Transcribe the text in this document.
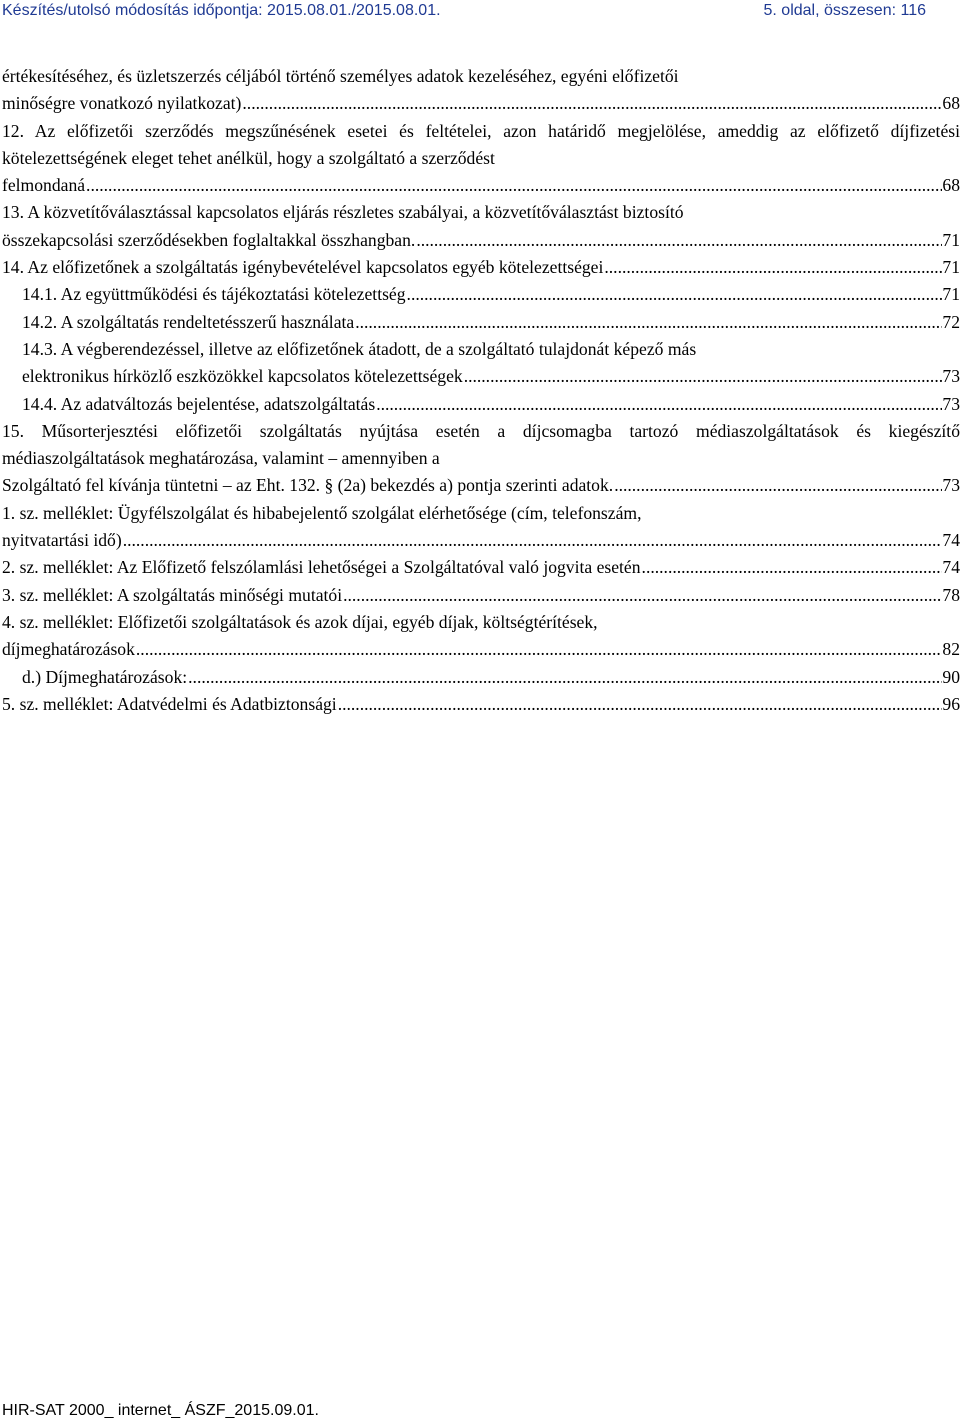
Készítés/utolsó módosítás időpontja: 2015.08.01./2015.08.01.	5. oldal, összesen: 116
értékesítéséhez, és üzletszerzés céljából történő személyes adatok kezeléséhez, egyéni előfizetői
minőségre vonatkozó nyilatkozat) .....	68
12. Az előfizetői szerződés megszűnésének esetei és feltételei, azon határidő megjelölése, ameddig az előfizető díjfizetési kötelezettségének eleget tehet anélkül, hogy a szolgáltató a szerződést
felmondaná .....	68
13. A közvetítőválasztással kapcsolatos eljárás részletes szabályai, a közvetítőválasztást biztosító
összekapcsolási szerződésekben foglaltakkal összhangban. .....	71
14. Az előfizetőnek a szolgáltatás igénybevételével kapcsolatos egyéb kötelezettségei .....	71
14.1. Az együttműködési és tájékoztatási kötelezettség .....	71
14.2. A szolgáltatás rendeltetésszerű használata .....	72
14.3. A végberendezéssel, illetve az előfizetőnek átadott, de a szolgáltató tulajdonát képező más
elektronikus hírközlő eszközökkel kapcsolatos kötelezettségek .....	73
14.4. Az adatváltozás bejelentése, adatszolgáltatás .....	73
15. Műsorterjesztési előfizetői szolgáltatás nyújtása esetén a díjcsomagba tartozó médiaszolgáltatások és kiegészítő médiaszolgáltatások meghatározása, valamint – amennyiben a
Szolgáltató fel kívánja tüntetni – az Eht. 132. § (2a) bekezdés a) pontja szerinti adatok. .....	73
1. sz. melléklet: Ügyfélszolgálat és hibabejelentő szolgálat elérhetősége (cím, telefonszám,
nyitvatartási idő) .....	74
2. sz. melléklet: Az Előfizető felszólamlási lehetőségei a Szolgáltatóval való jogvita esetén .....	74
3. sz. melléklet: A szolgáltatás minőségi mutatói .....	78
4. sz. melléklet: Előfizetői szolgáltatások és azok díjai, egyéb díjak, költségtérítések,
díjmeghatározások .....	82
d.) Díjmeghatározások: .....	90
5. sz. melléklet: Adatvédelmi és Adatbiztonsági .....	96
HIR-SAT 2000_ internet_ ÁSZF_2015.09.01.
